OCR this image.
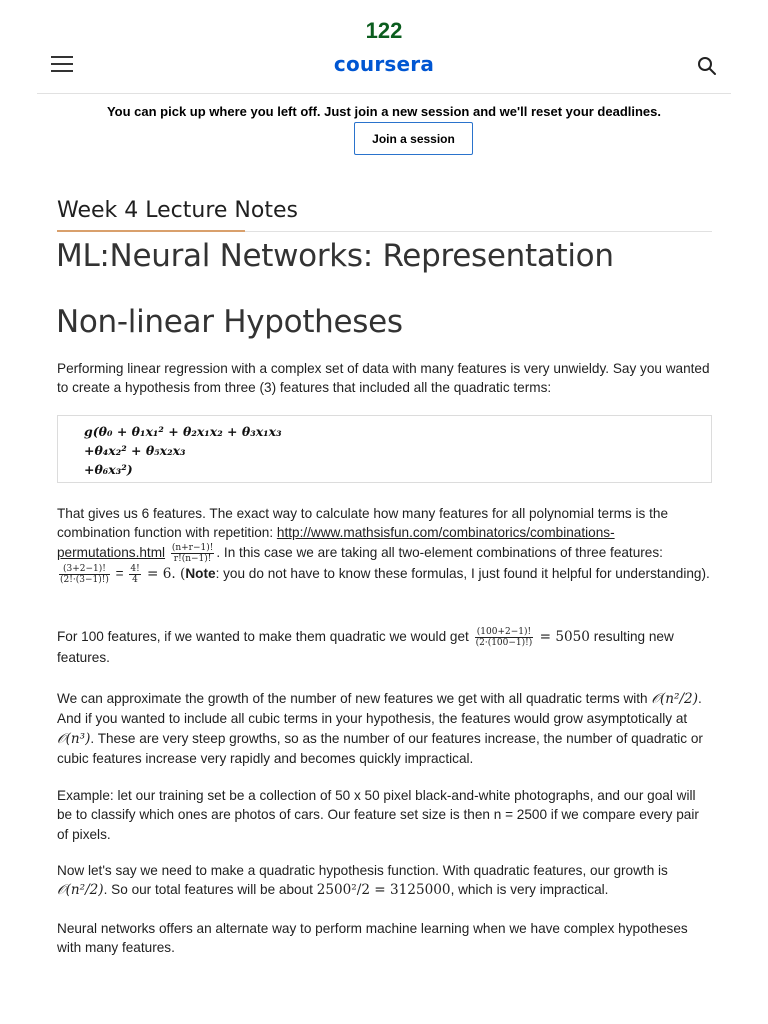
122
coursera
You can pick up where you left off. Just join a new session and we'll reset your deadlines.
Join a session
Week 4 Lecture Notes
ML:Neural Networks: Representation
Non-linear Hypotheses
Performing linear regression with a complex set of data with many features is very unwieldy. Say you wanted to create a hypothesis from three (3) features that included all the quadratic terms:
g(θ₀ + θ₁x₁² + θ₂x₁x₂ + θ₃x₁x₃
+θ₄x₂² + θ₅x₂x₃
+θ₆x₃²)
That gives us 6 features. The exact way to calculate how many features for all polynomial terms is the combination function with repetition: http://www.mathsisfun.com/combinatorics/combinations-permutations.html $\frac{(n+r-1)!}{r!(n-1)!}$ . In this case we are taking all two-element combinations of three features:
$\frac{(3+2-1)!}{(2!\cdot(3-1)!)} = \frac{4!}{4} = 6$. (Note: you do not have to know these formulas, I just found it helpful for understanding).
For 100 features, if we wanted to make them quadratic we would get $\frac{(100+2-1)!}{(2\cdot(100-1)!)} = 5050$ resulting new features.
We can approximate the growth of the number of new features we get with all quadratic terms with 𝒪(n²/2). And if you wanted to include all cubic terms in your hypothesis, the features would grow asymptotically at 𝒪(n³). These are very steep growths, so as the number of our features increase, the number of quadratic or cubic features increase very rapidly and becomes quickly impractical.
Example: let our training set be a collection of 50 x 50 pixel black-and-white photographs, and our goal will be to classify which ones are photos of cars. Our feature set size is then n = 2500 if we compare every pair of pixels.
Now let's say we need to make a quadratic hypothesis function. With quadratic features, our growth is 𝒪(n²/2). So our total features will be about 2500²/2 = 3125000, which is very impractical.
Neural networks offers an alternate way to perform machine learning when we have complex hypotheses with many features.
